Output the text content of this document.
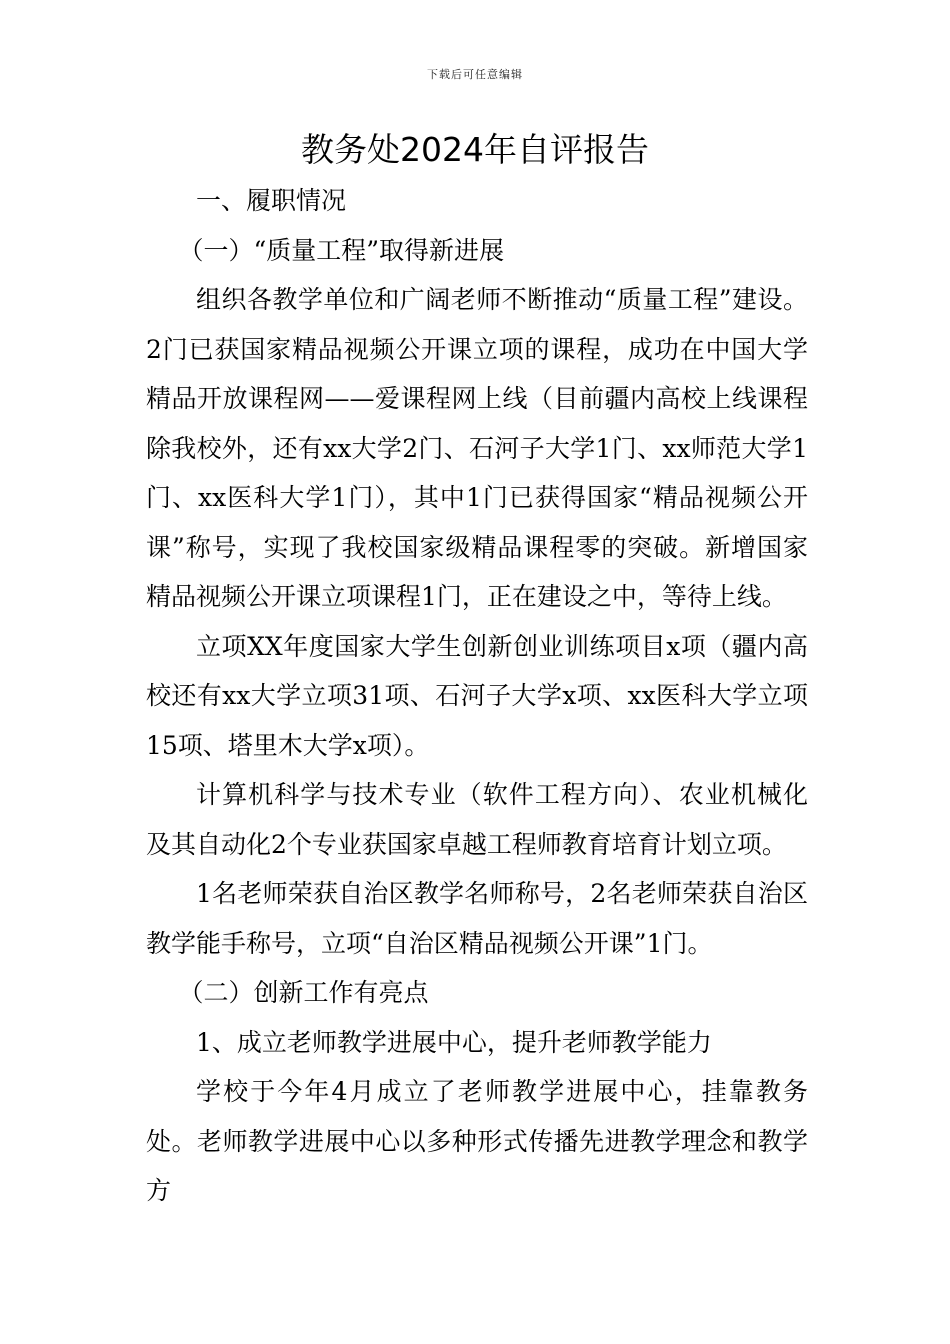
下载后可任意编辑
教务处2024年自评报告

一、履职情况

（一）“质量工程”取得新进展

组织各教学单位和广阔老师不断推动“质量工程”建设。2门已获国家精品视频公开课立项的课程，成功在中国大学精品开放课程网——爱课程网上线（目前疆内高校上线课程除我校外，还有xx大学2门、石河子大学1门、xx师范大学1门、xx医科大学1门），其中1门已获得国家“精品视频公开课”称号，实现了我校国家级精品课程零的突破。新增国家精品视频公开课立项课程1门，正在建设之中，等待上线。

立项XX年度国家大学生创新创业训练项目x项（疆内高校还有xx大学立项31项、石河子大学x项、xx医科大学立项15项、塔里木大学x项）。

计算机科学与技术专业（软件工程方向）、农业机械化及其自动化2个专业获国家卓越工程师教育培育计划立项。

1名老师荣获自治区教学名师称号，2名老师荣获自治区教学能手称号，立项“自治区精品视频公开课”1门。

（二）创新工作有亮点

1、成立老师教学进展中心，提升老师教学能力

学校于今年4月成立了老师教学进展中心，挂靠教务处。老师教学进展中心以多种形式传播先进教学理念和教学方
